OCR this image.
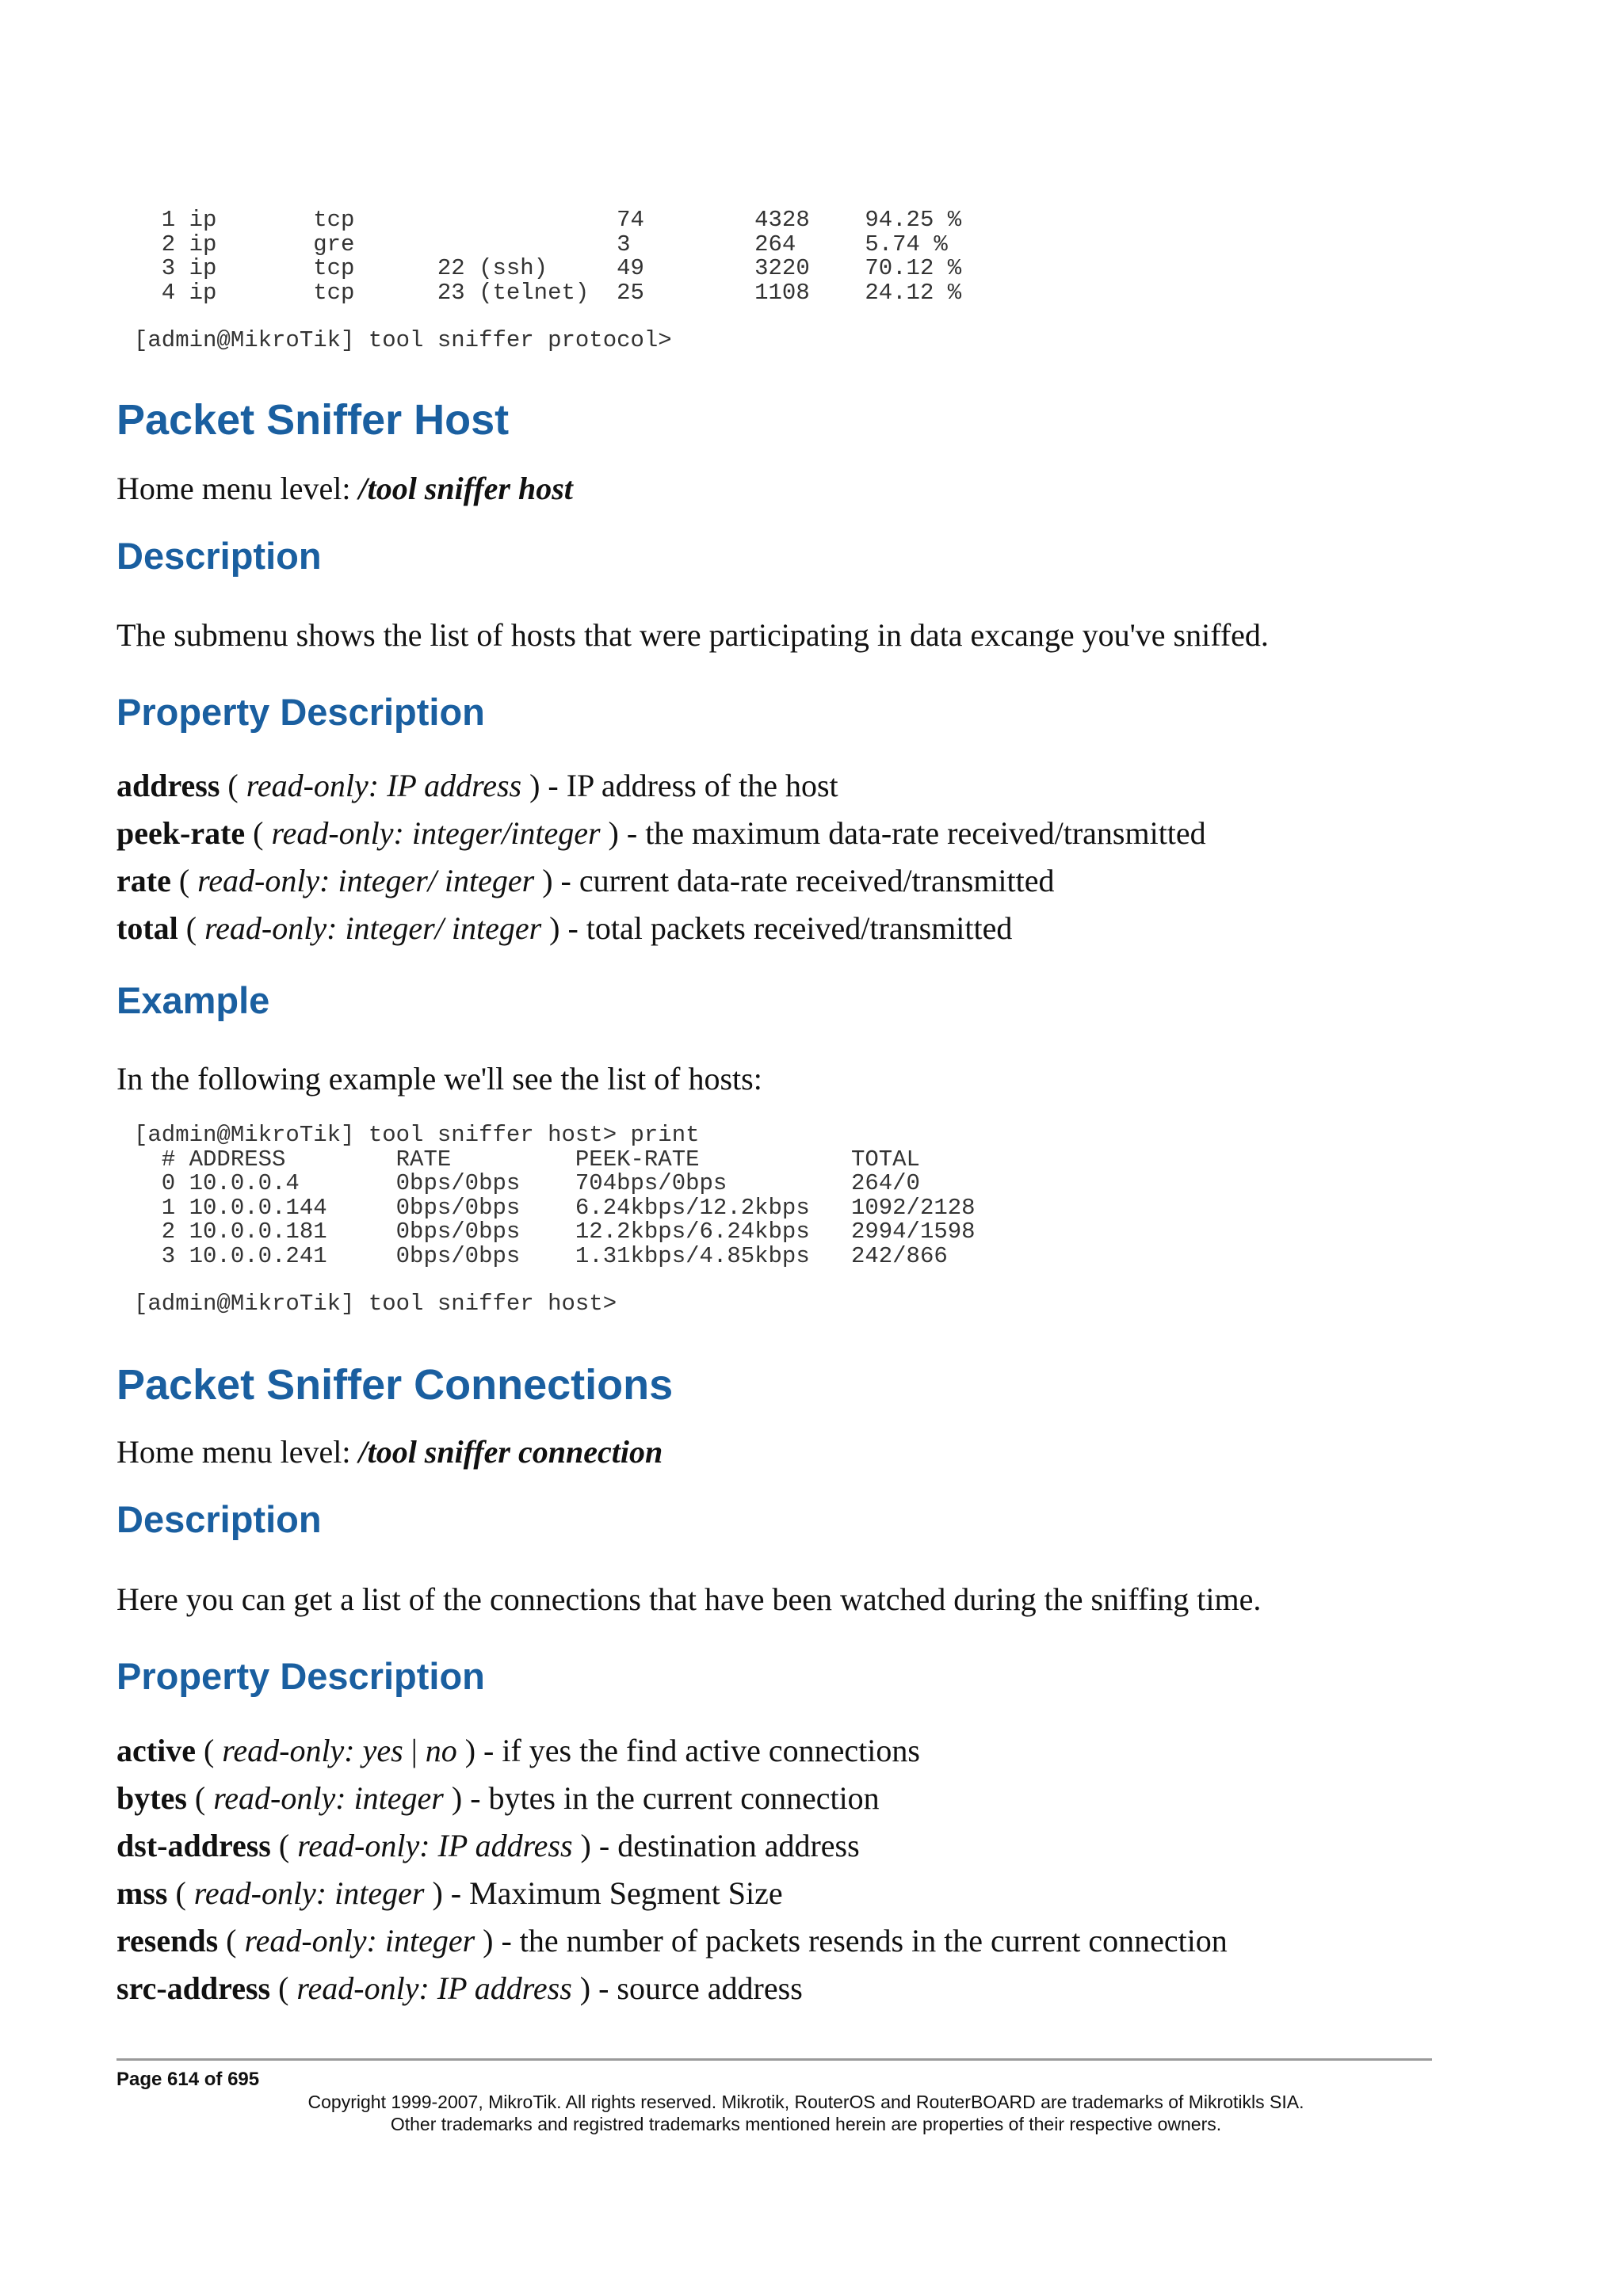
1 ip       tcp                   74        4328    94.25 %
2 ip       gre                   3         264     5.74 %
3 ip       tcp      22 (ssh)     49        3220    70.12 %
4 ip       tcp      23 (telnet)  25        1108    24.12 %
[admin@MikroTik] tool sniffer protocol>
Packet Sniffer Host

Home menu level: /tool sniffer host

Description

The submenu shows the list of hosts that were participating in data excange you've sniffed.

Property Description

address ( read-only: IP address ) - IP address of the host

peek-rate ( read-only: integer/integer ) - the maximum data-rate received/transmitted

rate ( read-only: integer/ integer ) - current data-rate received/transmitted

total ( read-only: integer/ integer ) - total packets received/transmitted

Example

In the following example we'll see the list of hosts:

[admin@MikroTik] tool sniffer host> print
# ADDRESS        RATE         PEEK-RATE           TOTAL
0 10.0.0.4       0bps/0bps    704bps/0bps         264/0
1 10.0.0.144     0bps/0bps    6.24kbps/12.2kbps   1092/2128
2 10.0.0.181     0bps/0bps    12.2kbps/6.24kbps   2994/1598
3 10.0.0.241     0bps/0bps    1.31kbps/4.85kbps   242/866
[admin@MikroTik] tool sniffer host>
Packet Sniffer Connections

Home menu level: /tool sniffer connection

Description

Here you can get a list of the connections that have been watched during the sniffing time.

Property Description

active ( read-only: yes | no ) - if yes the find active connections

bytes ( read-only: integer ) - bytes in the current connection

dst-address ( read-only: IP address ) - destination address

mss ( read-only: integer ) - Maximum Segment Size

resends ( read-only: integer ) - the number of packets resends in the current connection

src-address ( read-only: IP address ) - source address

Page 614 of 695
Copyright 1999-2007, MikroTik. All rights reserved. Mikrotik, RouterOS and RouterBOARD are trademarks of Mikrotikls SIA.
Other trademarks and registred trademarks mentioned herein are properties of their respective owners.
